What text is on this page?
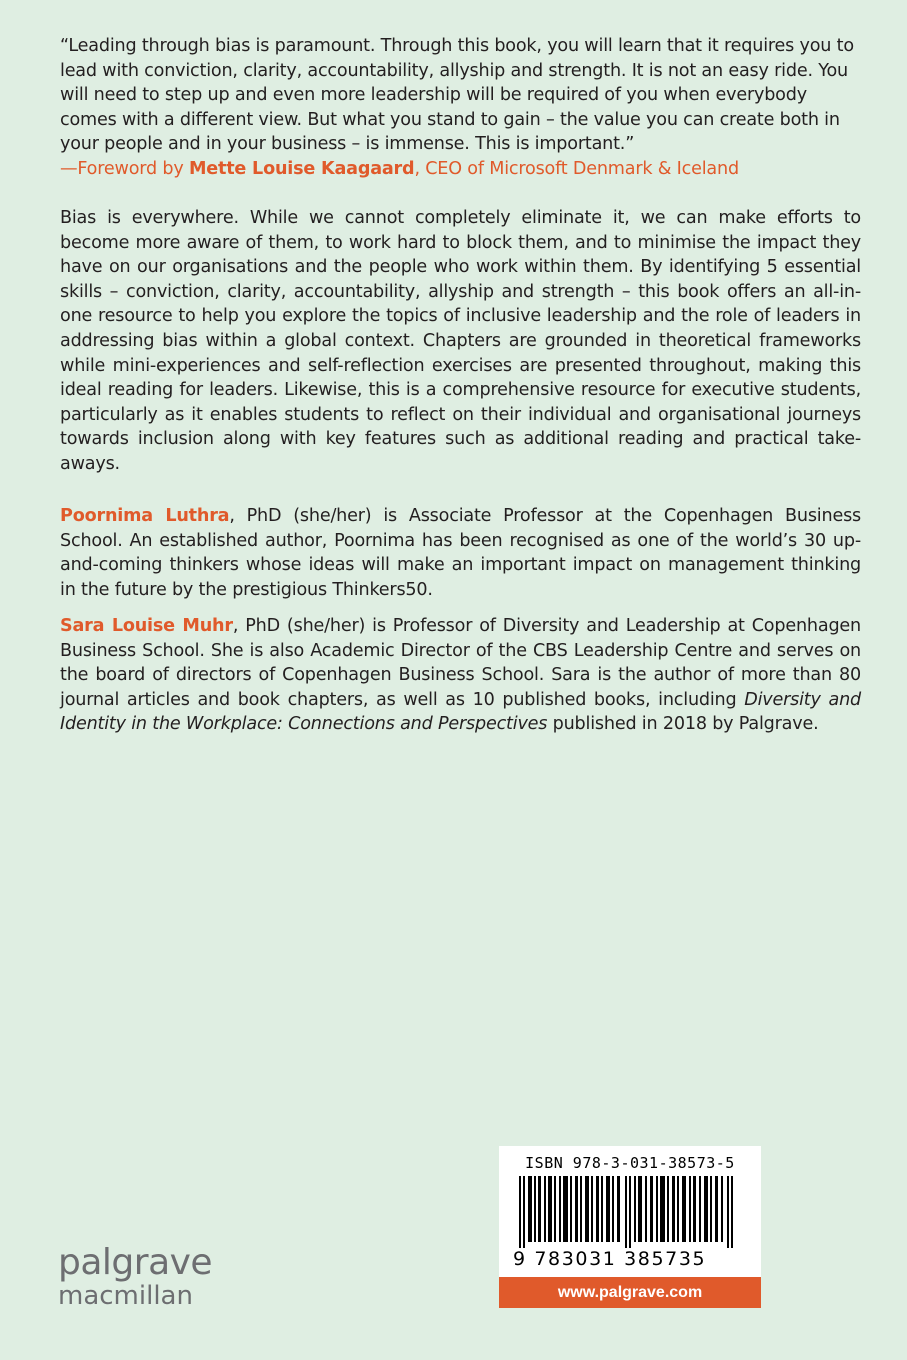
“Leading through bias is paramount. Through this book, you will learn that it requires you to lead with conviction, clarity, accountability, allyship and strength. It is not an easy ride. You will need to step up and even more leadership will be required of you when everybody comes with a different view. But what you stand to gain – the value you can create both in your people and in your business – is immense. This is important.”

—Foreword by Mette Louise Kaagaard, CEO of Microsoft Denmark & Iceland

Bias is everywhere. While we cannot completely eliminate it, we can make efforts to become more aware of them, to work hard to block them, and to minimise the impact they have on our organisations and the people who work within them. By identifying 5 essential skills – conviction, clarity, accountability, allyship and strength – this book offers an all-in-one resource to help you explore the topics of inclusive leadership and the role of leaders in addressing bias within a global context. Chapters are grounded in theoretical frameworks while mini-experiences and self-reflection exercises are presented throughout, making this ideal reading for leaders. Likewise, this is a comprehensive resource for executive students, particularly as it enables students to reflect on their individual and organisational journeys towards inclusion along with key features such as additional reading and practical take-aways.

Poornima Luthra, PhD (she/her) is Associate Professor at the Copenhagen Business School. An established author, Poornima has been recognised as one of the world’s 30 up-and-coming thinkers whose ideas will make an important impact on management thinking in the future by the prestigious Thinkers50.

Sara Louise Muhr, PhD (she/her) is Professor of Diversity and Leadership at Copenhagen Business School. She is also Academic Director of the CBS Leadership Centre and serves on the board of directors of Copenhagen Business School. Sara is the author of more than 80 journal articles and book chapters, as well as 10 published books, including Diversity and Identity in the Workplace: Connections and Perspectives published in 2018 by Palgrave.

palgrave
macmillan
ISBN 978-3-031-38573-5
9 783031 385735
www.palgrave.com
